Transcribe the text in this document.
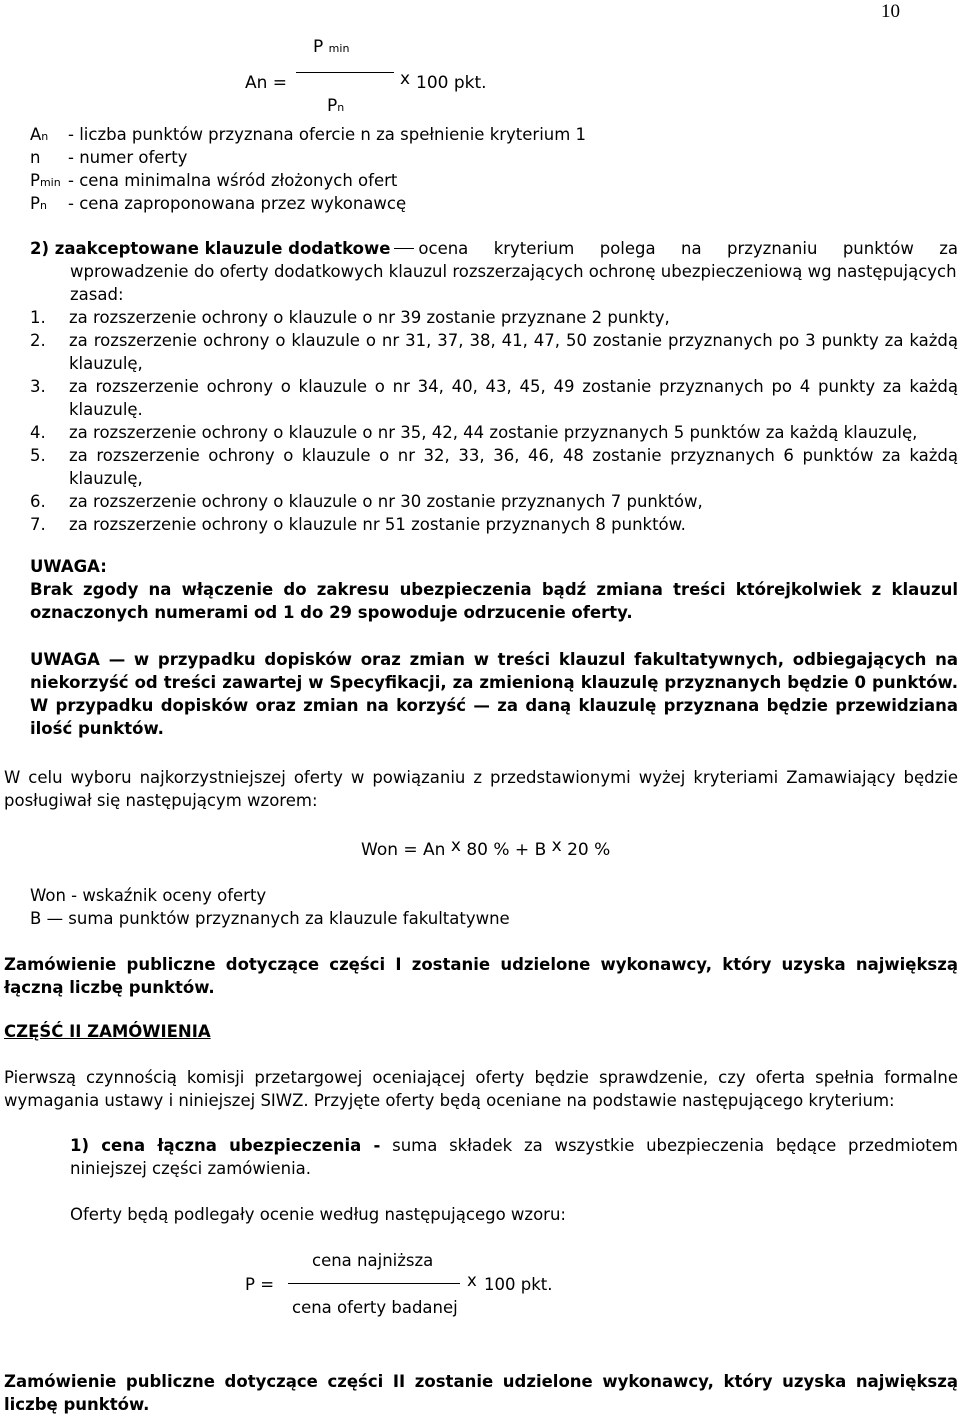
10
P min
An =	x 100 pkt.
Pn
An - liczba punktów przyznana ofercie n za spełnienie kryterium 1
n - numer oferty
Pmin - cena minimalna wśród złożonych ofert
Pn - cena zaproponowana przez wykonawcę
2) zaakceptowane klauzule dodatkowe ocena kryterium polega na przyznaniu punktów za
wprowadzenie do oferty dodatkowych klauzul rozszerzających ochronę ubezpieczeniową wg następujących
zasad:
1.	za rozszerzenie ochrony o klauzule o nr 39 zostanie przyznane 2 punkty,
2.	za rozszerzenie ochrony o klauzule o nr 31, 37, 38, 41, 47, 50 zostanie przyznanych po 3 punkty za każdą klauzulę,
3.	za rozszerzenie ochrony o klauzule o nr 34, 40, 43, 45, 49 zostanie przyznanych po 4 punkty za każdą klauzulę.
4.	za rozszerzenie ochrony o klauzule o nr 35, 42, 44 zostanie przyznanych 5 punktów za każdą klauzulę,
5.	za rozszerzenie ochrony o klauzule o nr 32, 33, 36, 46, 48 zostanie przyznanych 6 punktów za każdą klauzulę,
6.	za rozszerzenie ochrony o klauzule o nr 30 zostanie przyznanych 7 punktów,
7.	za rozszerzenie ochrony o klauzule nr 51 zostanie przyznanych 8 punktów.

UWAGA:

Brak zgody na włączenie do zakresu ubezpieczenia bądź zmiana treści którejkolwiek z klauzul oznaczonych numerami od 1 do 29 spowoduje odrzucenie oferty.

UWAGA — w przypadku dopisków oraz zmian w treści klauzul fakultatywnych, odbiegających na niekorzyść od treści zawartej w Specyfikacji, za zmienioną klauzulę przyznanych będzie 0 punktów. W przypadku dopisków oraz zmian na korzyść — za daną klauzulę przyznana będzie przewidziana ilość punktów.
W celu wyboru najkorzystniejszej oferty w powiązaniu z przedstawionymi wyżej kryteriami Zamawiający będzie posługiwał się następującym wzorem:
Won = An x 80 % + B x 20 %

Won - wskaźnik oceny oferty

B — suma punktów przyznanych za klauzule fakultatywne

Zamówienie publiczne dotyczące części I zostanie udzielone wykonawcy, który uzyska największą łączną liczbę punktów.
CZĘŚĆ II ZAMÓWIENIA
Pierwszą czynnością komisji przetargowej oceniającej oferty będzie sprawdzenie, czy oferta spełnia formalne wymagania ustawy i niniejszej SIWZ. Przyjęte oferty będą oceniane na podstawie następującego kryterium:
1) cena łączna ubezpieczenia - suma składek za wszystkie ubezpieczenia będące przedmiotem niniejszej części zamówienia.
Oferty będą podlegały ocenie według następującego wzoru:
cena najniższa
P =	x 100 pkt.
cena oferty badanej
Zamówienie publiczne dotyczące części II zostanie udzielone wykonawcy, który uzyska największą liczbę punktów.
